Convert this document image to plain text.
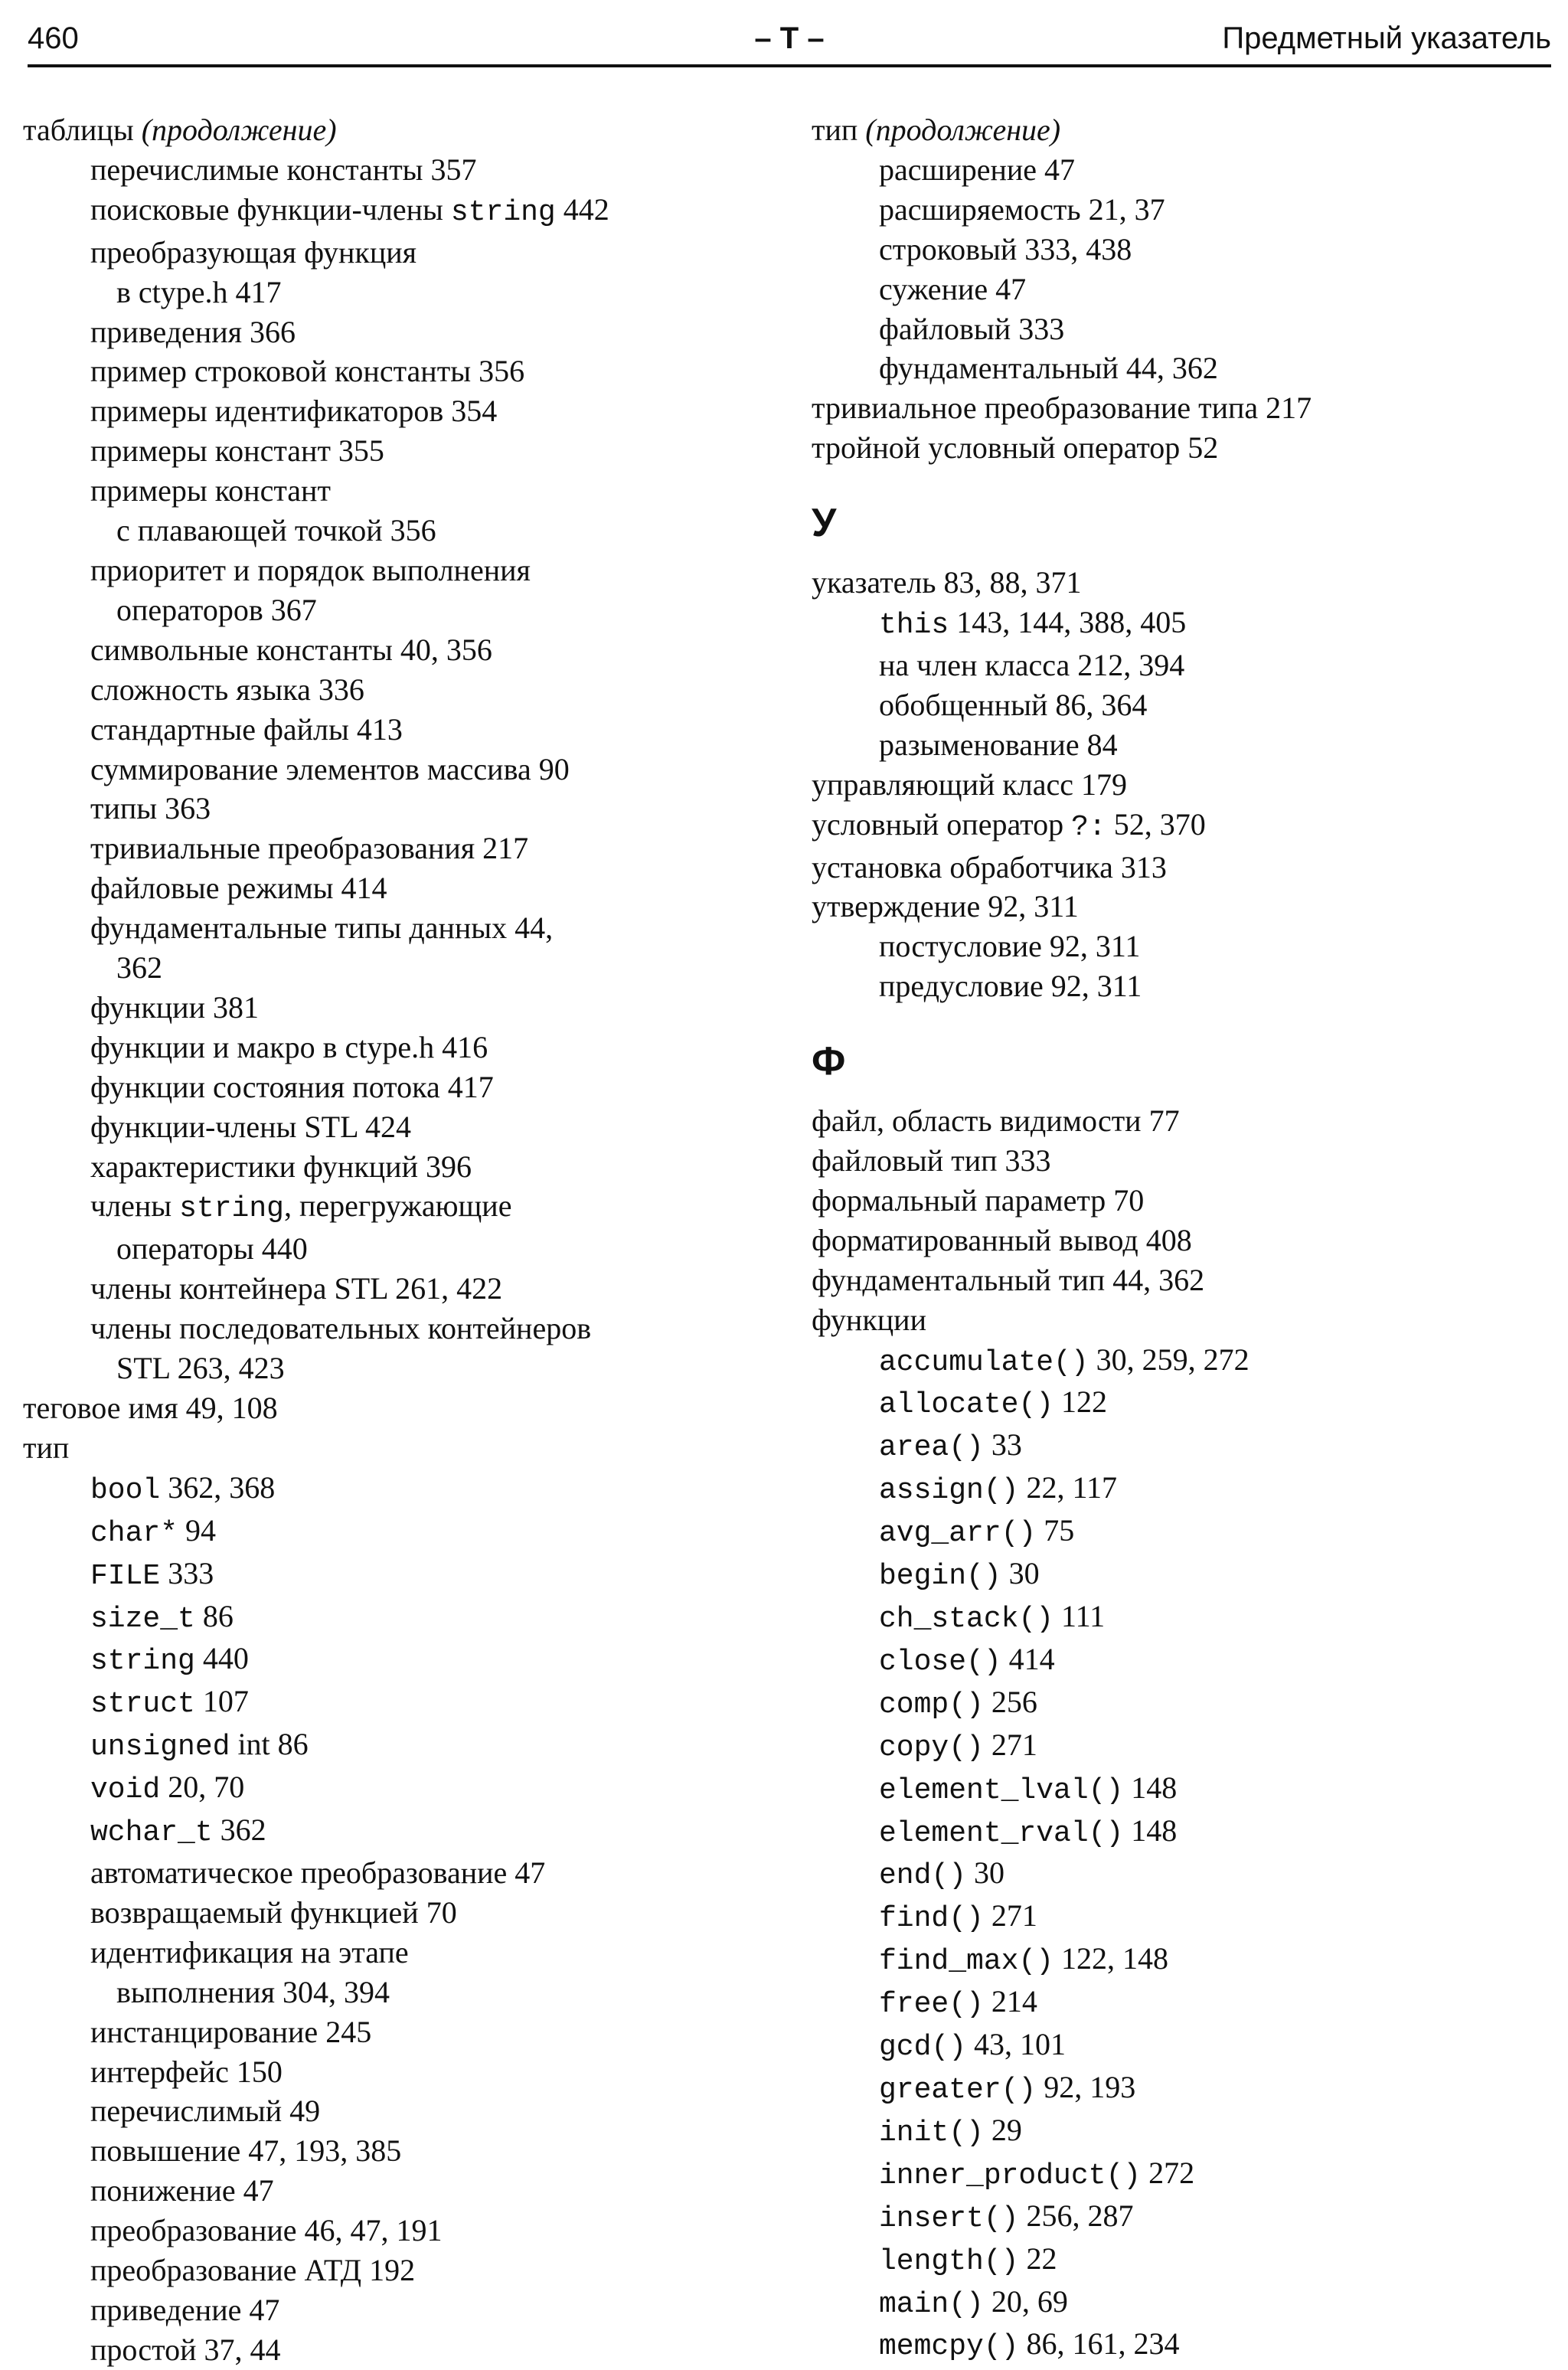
460	– T –	Предметный указатель
таблицы (продолжение)
перечислимые константы 357
поисковые функции-члены string 442
преобразующая функция
в ctype.h 417
приведения 366
пример строковой константы 356
примеры идентификаторов 354
примеры констант 355
примеры констант
с плавающей точкой 356
приоритет и порядок выполнения
операторов 367
символьные константы 40, 356
сложность языка 336
стандартные файлы 413
суммирование элементов массива 90
типы 363
тривиальные преобразования 217
файловые режимы 414
фундаментальные типы данных 44,
362
функции 381
функции и макро в ctype.h 416
функции состояния потока 417
функции-члены STL 424
характеристики функций 396
члены string, перегружающие
операторы 440
члены контейнера STL 261, 422
члены последовательных контейнеров
STL 263, 423
теговое имя 49, 108
тип
bool 362, 368
char* 94
FILE 333
size_t 86
string 440
struct 107
unsigned int 86
void 20, 70
wchar_t 362
автоматическое преобразование 47
возвращаемый функцией 70
идентификация на этапе
выполнения 304, 394
инстанцирование 245
интерфейс 150
перечислимый 49
повышение 47, 193, 385
понижение 47
преобразование 46, 47, 191
преобразование АТД 192
приведение 47
простой 37, 44
тип (продолжение)
расширение 47
расширяемость 21, 37
строковый 333, 438
сужение 47
файловый 333
фундаментальный 44, 362
тривиальное преобразование типа 217
тройной условный оператор 52
У
указатель 83, 88, 371
this 143, 144, 388, 405
на член класса 212, 394
обобщенный 86, 364
разыменование 84
управляющий класс 179
условный оператор ?: 52, 370
установка обработчика 313
утверждение 92, 311
постусловие 92, 311
предусловие 92, 311
Ф
файл, область видимости 77
файловый тип 333
формальный параметр 70
форматированный вывод 408
фундаментальный тип 44, 362
функции
accumulate() 30, 259, 272
allocate() 122
area() 33
assign() 22, 117
avg_arr() 75
begin() 30
ch_stack() 111
close() 414
comp() 256
copy() 271
element_lval() 148
element_rval() 148
end() 30
find() 271
find_max() 122, 148
free() 214
gcd() 43, 101
greater() 92, 193
init() 29
inner_product() 272
insert() 256, 287
length() 22
main() 20, 69
memcpy() 86, 161, 234
